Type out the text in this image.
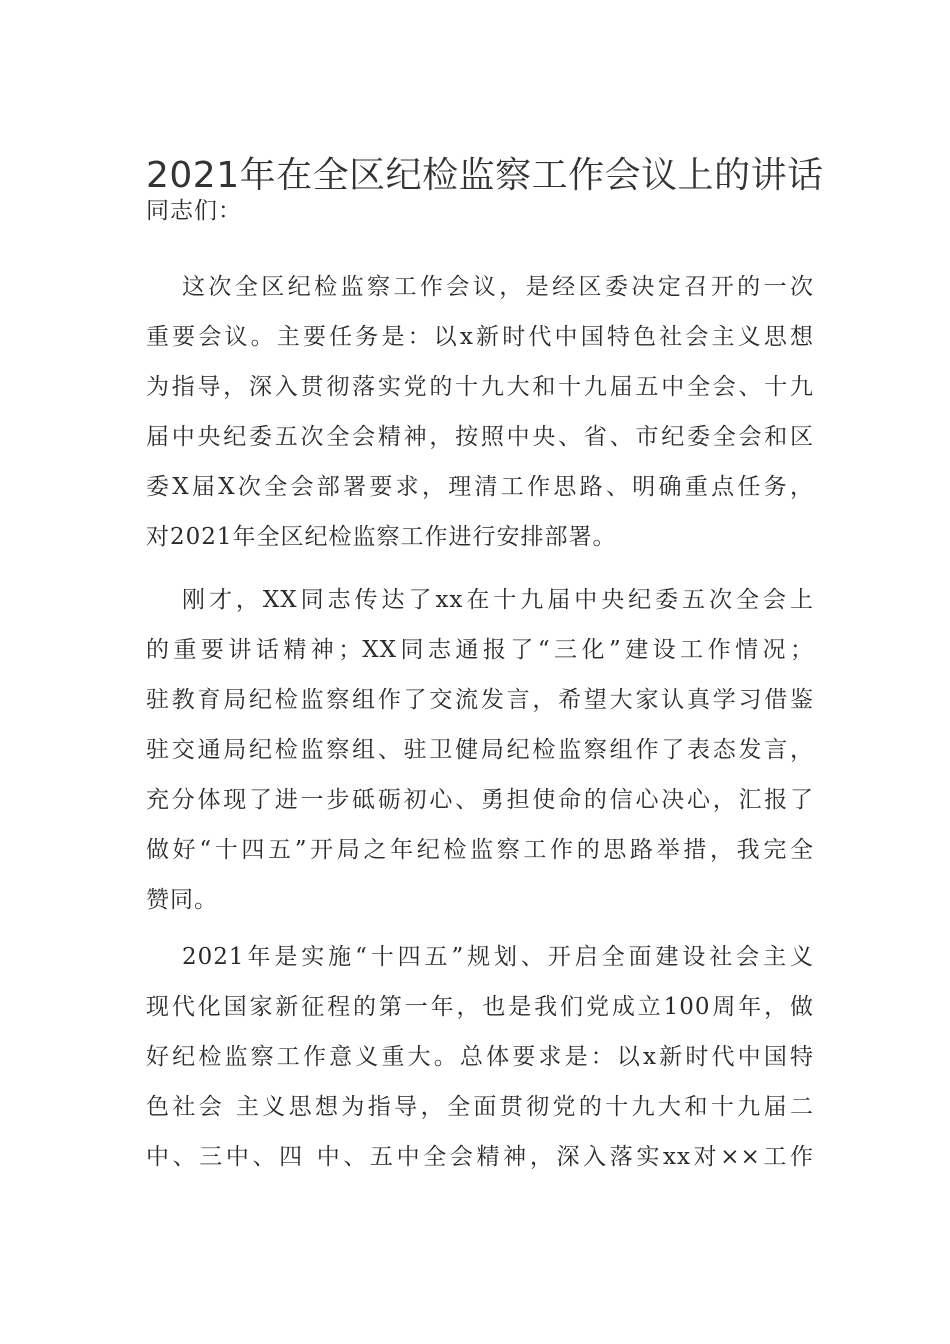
2021年在全区纪检监察工作会议上的讲话
同志们：
这次全区纪检监察工作会议，是经区委决定召开的一次
重要会议。主要任务是：以x新时代中国特色社会主义思想
为指导，深入贯彻落实党的十九大和十九届五中全会、十九
届中央纪委五次全会精神，按照中央、省、市纪委全会和区
委X届X次全会部署要求，理清工作思路、明确重点任务，
对2021年全区纪检监察工作进行安排部署。
刚才，XX同志传达了xx在十九届中央纪委五次全会上
的重要讲话精神；XX同志通报了“三化”建设工作情况；
驻教育局纪检监察组作了交流发言，希望大家认真学习借鉴
驻交通局纪检监察组、驻卫健局纪检监察组作了表态发言，
充分体现了进一步砥砺初心、勇担使命的信心决心，汇报了
做好“十四五”开局之年纪检监察工作的思路举措，我完全
赞同。
2021年是实施“十四五”规划、开启全面建设社会主义
现代化国家新征程的第一年，也是我们党成立100周年，做
好纪检监察工作意义重大。总体要求是：以x新时代中国特
色社会 主义思想为指导，全面贯彻党的十九大和十九届二
中、三中、四 中、五中全会精神，深入落实xx对××工作
